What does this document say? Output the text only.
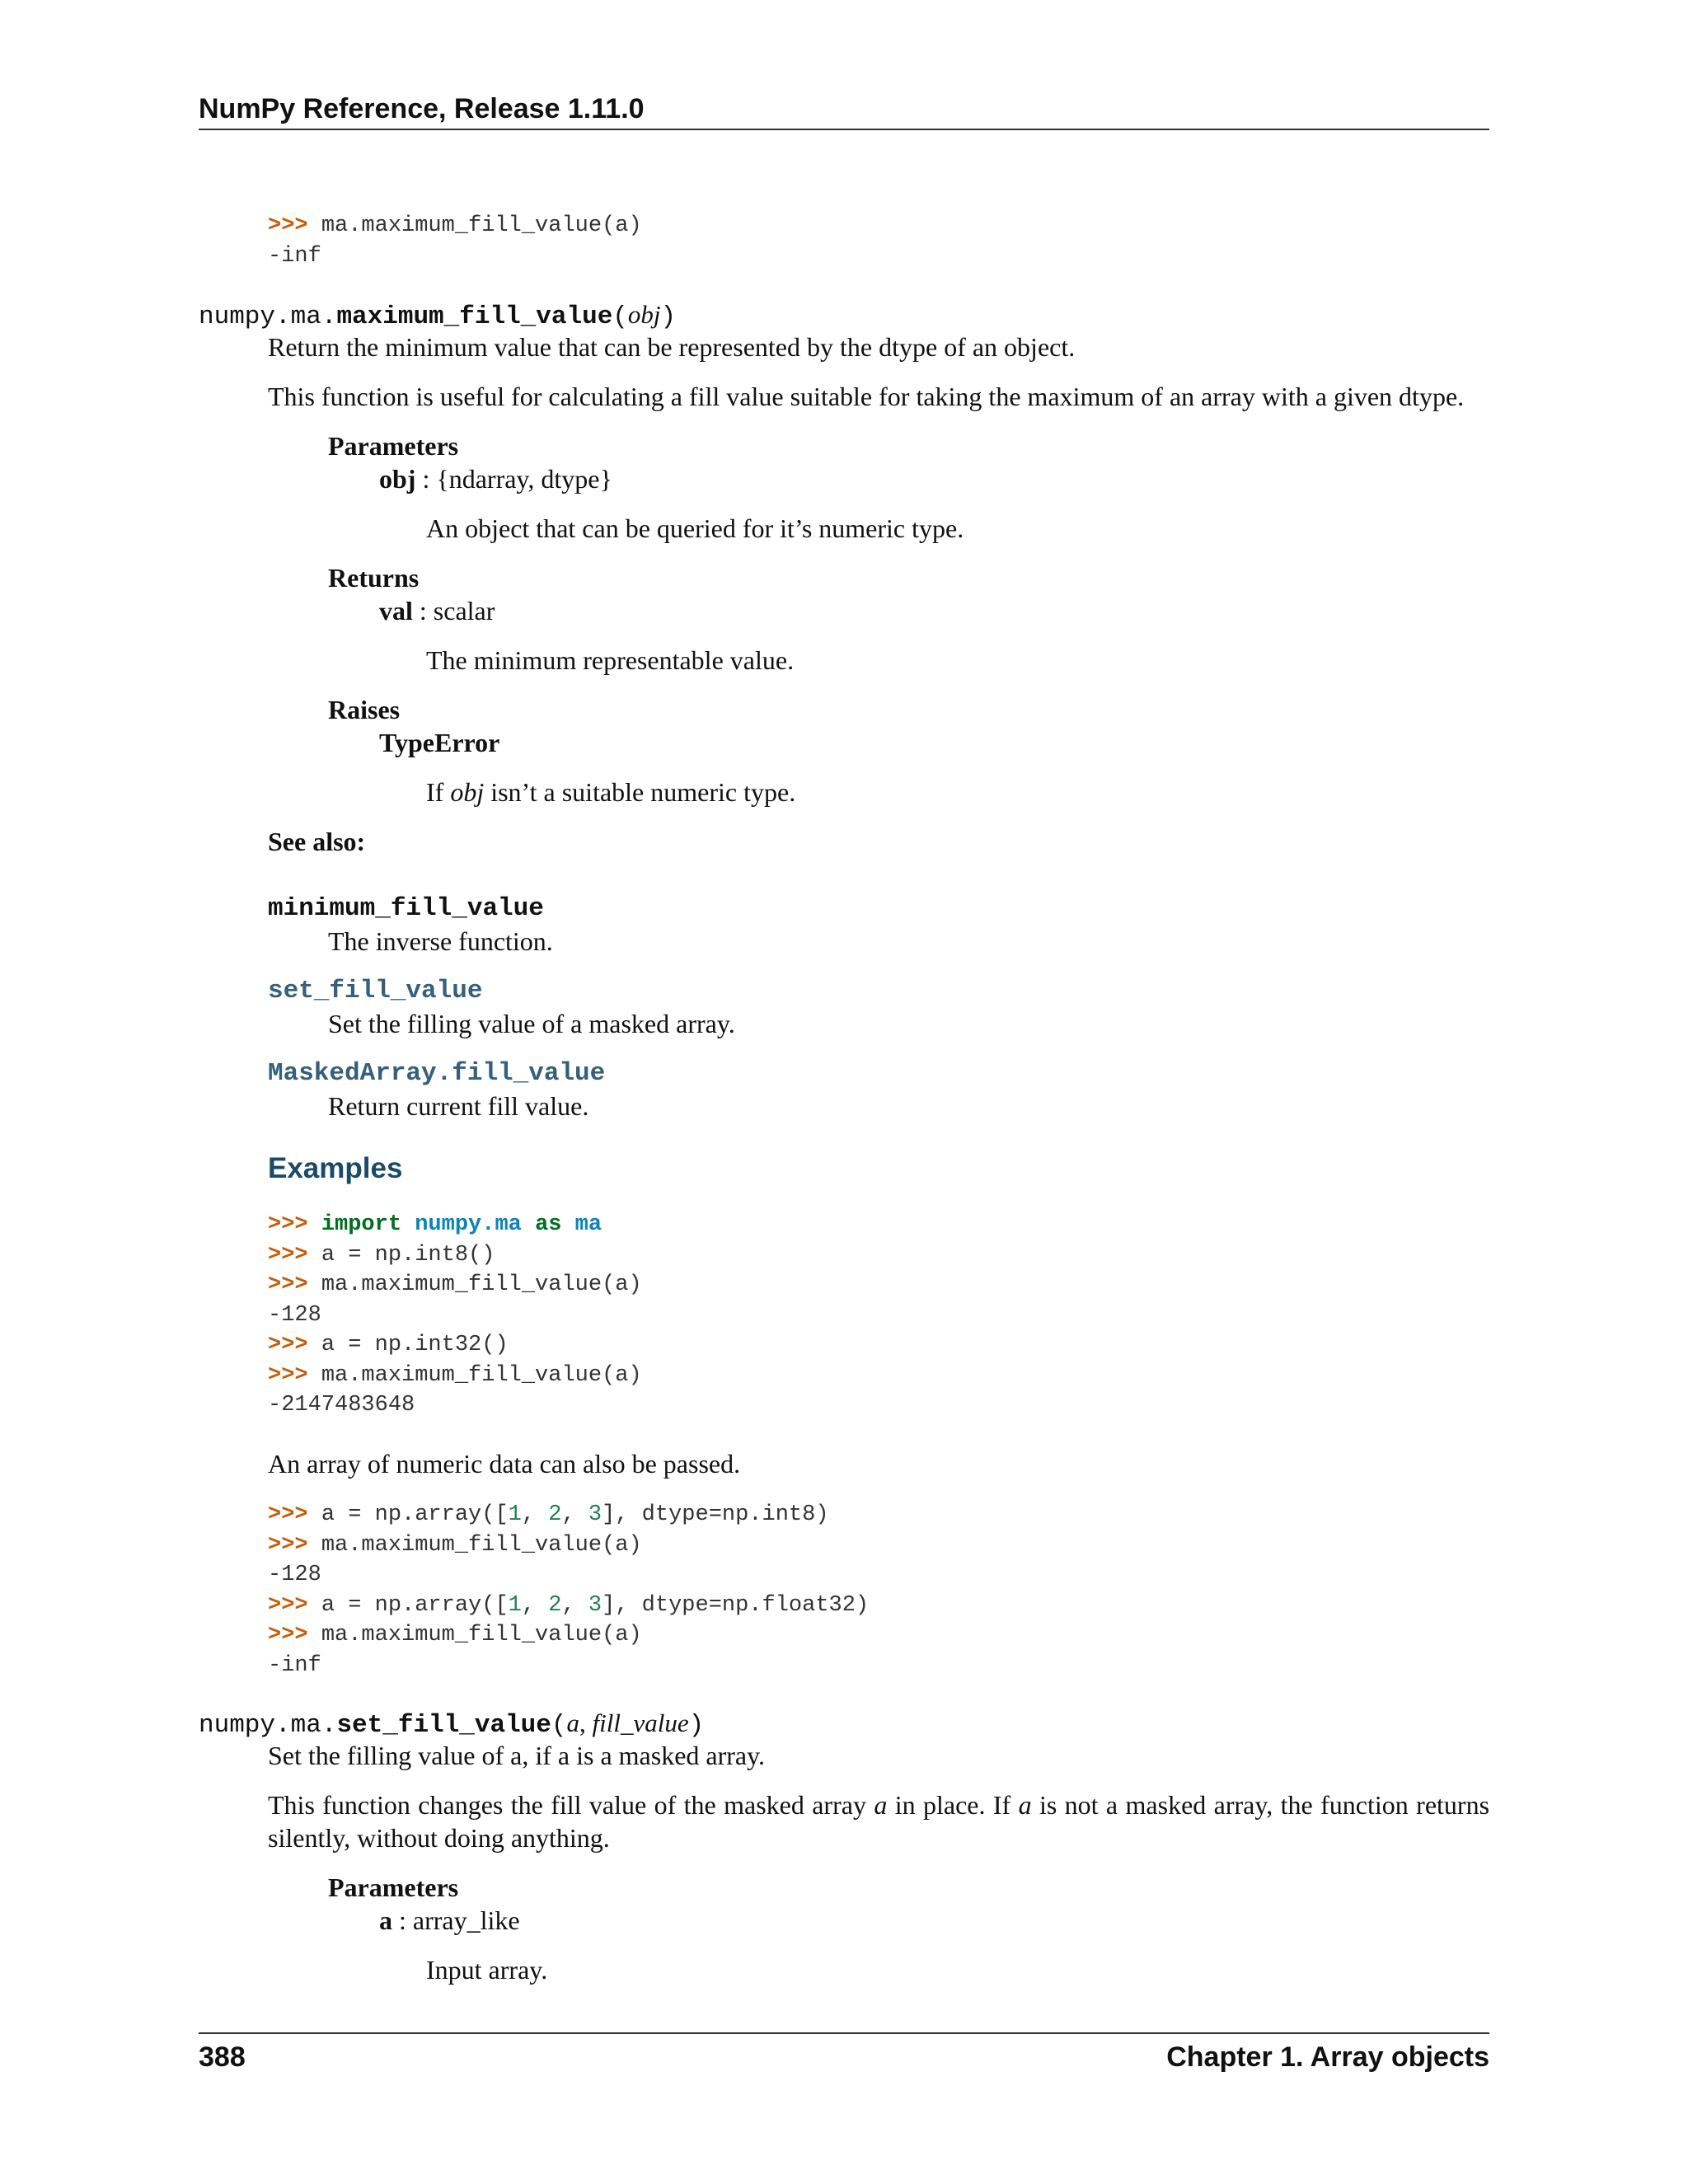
NumPy Reference, Release 1.11.0
>>> ma.maximum_fill_value(a)
-inf
numpy.ma.maximum_fill_value(obj)
Return the minimum value that can be represented by the dtype of an object.
This function is useful for calculating a fill value suitable for taking the maximum of an array with a given dtype.
Parameters
obj : {ndarray, dtype}
An object that can be queried for it’s numeric type.
Returns
val : scalar
The minimum representable value.
Raises
TypeError
If obj isn’t a suitable numeric type.
See also:
minimum_fill_value
The inverse function.
set_fill_value
Set the filling value of a masked array.
MaskedArray.fill_value
Return current fill value.
Examples
>>> import numpy.ma as ma
>>> a = np.int8()
>>> ma.maximum_fill_value(a)
-128
>>> a = np.int32()
>>> ma.maximum_fill_value(a)
-2147483648
An array of numeric data can also be passed.
>>> a = np.array([1, 2, 3], dtype=np.int8)
>>> ma.maximum_fill_value(a)
-128
>>> a = np.array([1, 2, 3], dtype=np.float32)
>>> ma.maximum_fill_value(a)
-inf
numpy.ma.set_fill_value(a, fill_value)
Set the filling value of a, if a is a masked array.
This function changes the fill value of the masked array a in place. If a is not a masked array, the function returns silently, without doing anything.
Parameters
a : array_like
Input array.
388	Chapter 1. Array objects
